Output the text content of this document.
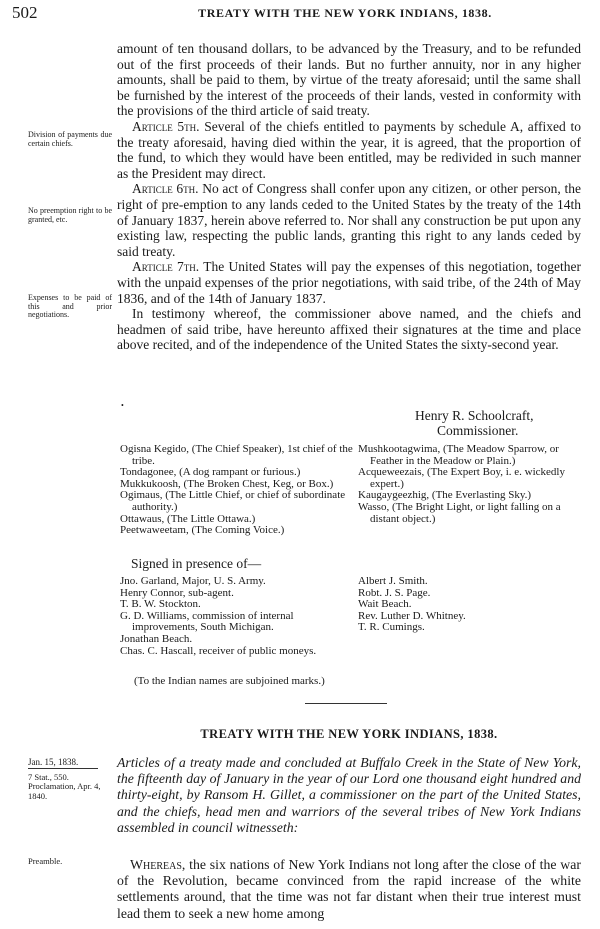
502	TREATY WITH THE NEW YORK INDIANS, 1838.

amount of ten thousand dollars, to be advanced by the Treasury, and to be refunded out of the first proceeds of their lands. But no further annuity, nor in any higher amounts, shall be paid to them, by virtue of the treaty aforesaid; until the same shall be furnished by the interest of the proceeds of their lands, vested in conformity with the provisions of the third article of said treaty.

Article 5th. Several of the chiefs entitled to payments by schedule A, affixed to the treaty aforesaid, having died within the year, it is agreed, that the proportion of the fund, to which they would have been entitled, may be redivided in such manner as the President may direct.

Article 6th. No act of Congress shall confer upon any citizen, or other person, the right of pre-emption to any lands ceded to the United States by the treaty of the 14th of January 1837, herein above referred to. Nor shall any construction be put upon any existing law, respecting the public lands, granting this right to any lands ceded by said treaty.

Article 7th. The United States will pay the expenses of this negotiation, together with the unpaid expenses of the prior negotiations, with said tribe, of the 24th of May 1836, and of the 14th of January 1837.

In testimony whereof, the commissioner above named, and the chiefs and headmen of said tribe, have hereunto affixed their signatures at the time and place above recited, and of the independence of the United States the sixty-second year.

•
Division of payments due certain chiefs.
No preemption right to be granted, etc.
Expenses to be paid of this and prior negotiations.
Henry R. Schoolcraft,
Commissioner.
Ogisna Kegido, (The Chief Speaker), 1st chief of the tribe.
Tondagonee, (A dog rampant or furious.)
Mukkukoosh, (The Broken Chest, Keg, or Box.)
Ogimaus, (The Little Chief, or chief of subordinate authority.)
Ottawaus, (The Little Ottawa.)
Peetwaweetam, (The Coming Voice.)
Mushkootagwima, (The Meadow Sparrow, or Feather in the Meadow or Plain.)
Acqueweezais, (The Expert Boy, i. e. wickedly expert.)
Kaugaygeezhig, (The Everlasting Sky.)
Wasso, (The Bright Light, or light falling on a distant object.)
Signed in presence of—
Jno. Garland, Major, U. S. Army.
Henry Connor, sub-agent.
T. B. W. Stockton.
G. D. Williams, commission of internal improvements, South Michigan.
Jonathan Beach.
Chas. C. Hascall, receiver of public moneys.
Albert J. Smith.
Robt. J. S. Page.
Wait Beach.
Rev. Luther D. Whitney.
T. R. Cumings.
(To the Indian names are subjoined marks.)
TREATY WITH THE NEW YORK INDIANS, 1838.
Jan. 15, 1838.
7 Stat., 550.
Proclamation, Apr. 4, 1840.
Articles of a treaty made and concluded at Buffalo Creek in the State of New York, the fifteenth day of January in the year of our Lord one thousand eight hundred and thirty-eight, by Ransom H. Gillet, a commissioner on the part of the United States, and the chiefs, head men and warriors of the several tribes of New York Indians assembled in council witnesseth:
Preamble.	Whereas, the six nations of New York Indians not long after the close of the war of the Revolution, became convinced from the rapid increase of the white settlements around, that the time was not far distant when their true interest must lead them to seek a new home among
